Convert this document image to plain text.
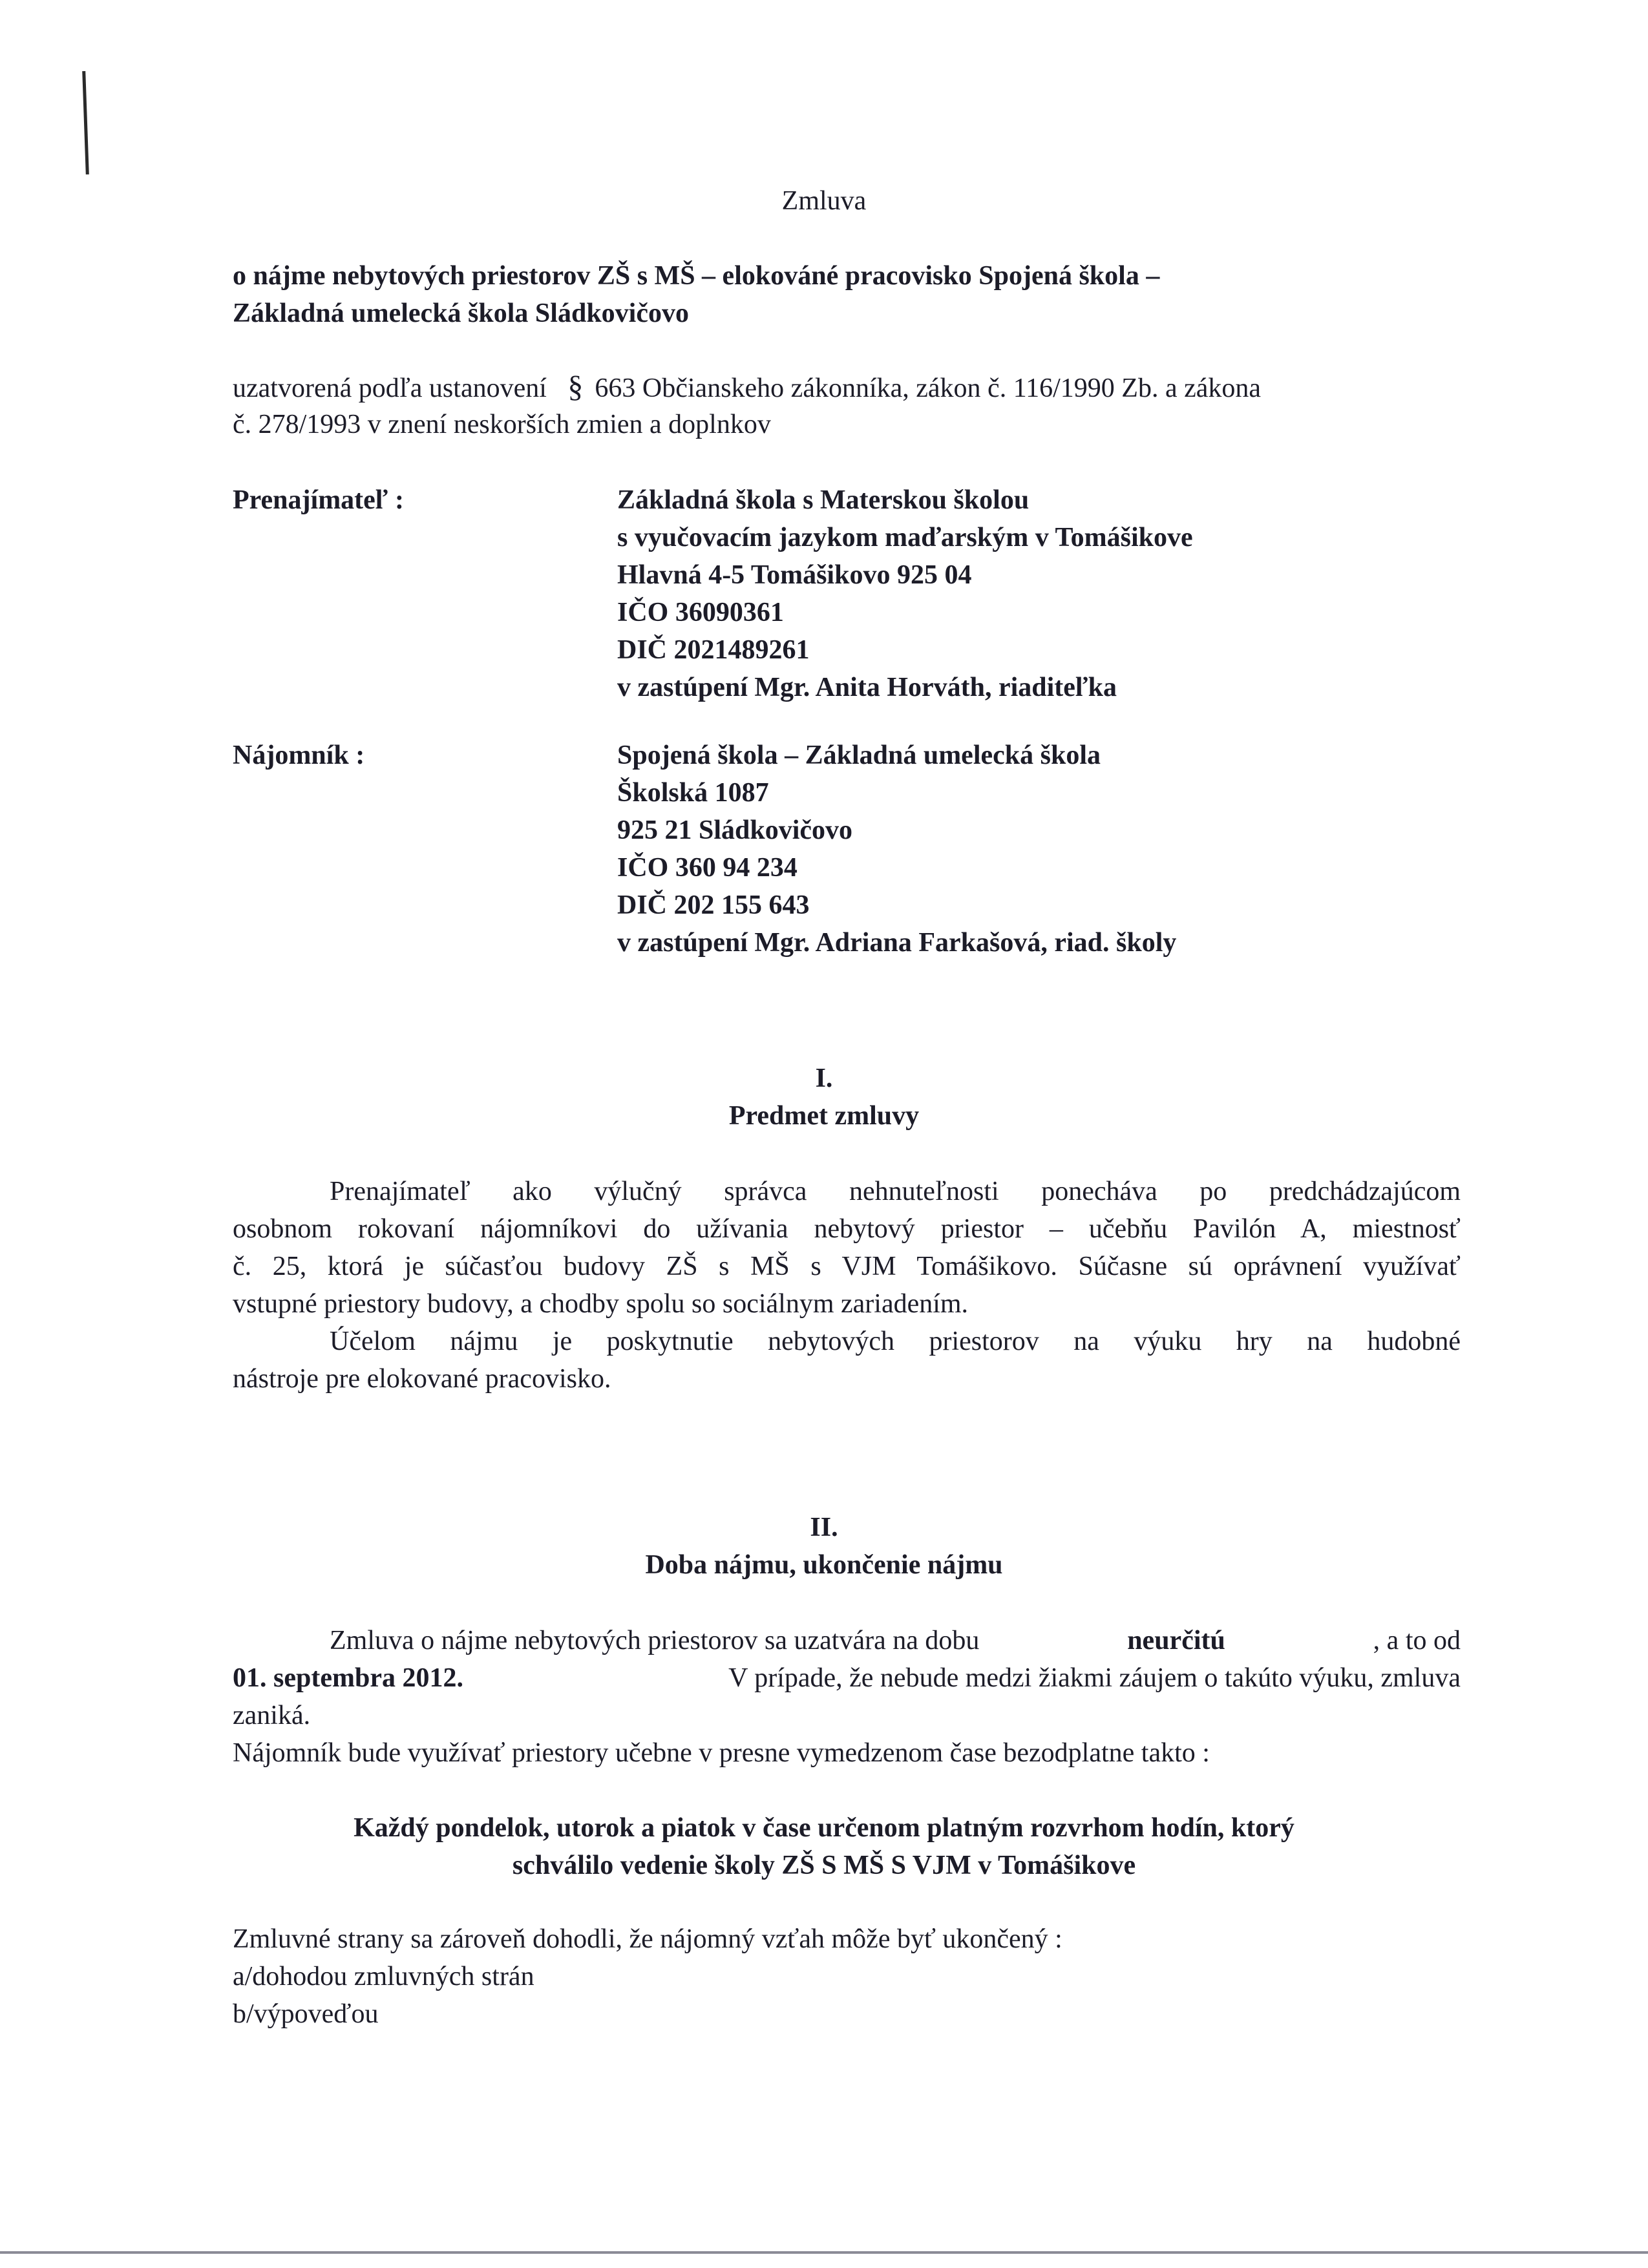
Zmluva
o nájme nebytových priestorov ZŠ s MŠ – elokováné pracovisko Spojená škola –
Základná umelecká škola Sládkovičovo
uzatvorená podľa ustanovení § 663 Občianskeho zákonníka, zákon č. 116/1990 Zb. a zákona
č. 278/1993 v znení neskorších zmien a doplnkov
Prenajímateľ :	Základná škola s Materskou školou
s vyučovacím jazykom maďarským v Tomášikove
Hlavná 4-5 Tomášikovo 925 04
IČO 36090361
DIČ 2021489261
v zastúpení Mgr. Anita Horváth, riaditeľka
Nájomník :	Spojená škola – Základná umelecká škola
Školská 1087
925 21 Sládkovičovo
IČO 360 94 234
DIČ 202 155 643
v zastúpení Mgr. Adriana Farkašová, riad. školy
I.
Predmet zmluvy
Prenajímateľ ako výlučný správca nehnuteľnosti ponecháva po predchádzajúcom
osobnom rokovaní nájomníkovi do užívania nebytový priestor – učebňu Pavilón A, miestnosť
č. 25, ktorá je súčasťou budovy ZŠ s MŠ s VJM Tomášikovo. Súčasne sú oprávnení využívať
vstupné priestory budovy, a chodby spolu so sociálnym zariadením.
Účelom nájmu je poskytnutie nebytových priestorov na výuku hry na hudobné
nástroje pre elokované pracovisko.
II.
Doba nájmu, ukončenie nájmu
Zmluva o nájme nebytových priestorov sa uzatvára na dobu	neurčitú	, a to od
01. septembra 2012.	V prípade, že nebude medzi žiakmi záujem o takúto výuku, zmluva
zaniká.
Nájomník bude využívať priestory učebne v presne vymedzenom čase bezodplatne takto :
Každý pondelok, utorok a piatok v čase určenom platným rozvrhom hodín, ktorý
schválilo vedenie školy ZŠ S MŠ S VJM v Tomášikove
Zmluvné strany sa zároveň dohodli, že nájomný vzťah môže byť ukončený :
a/dohodou zmluvných strán
b/výpoveďou
